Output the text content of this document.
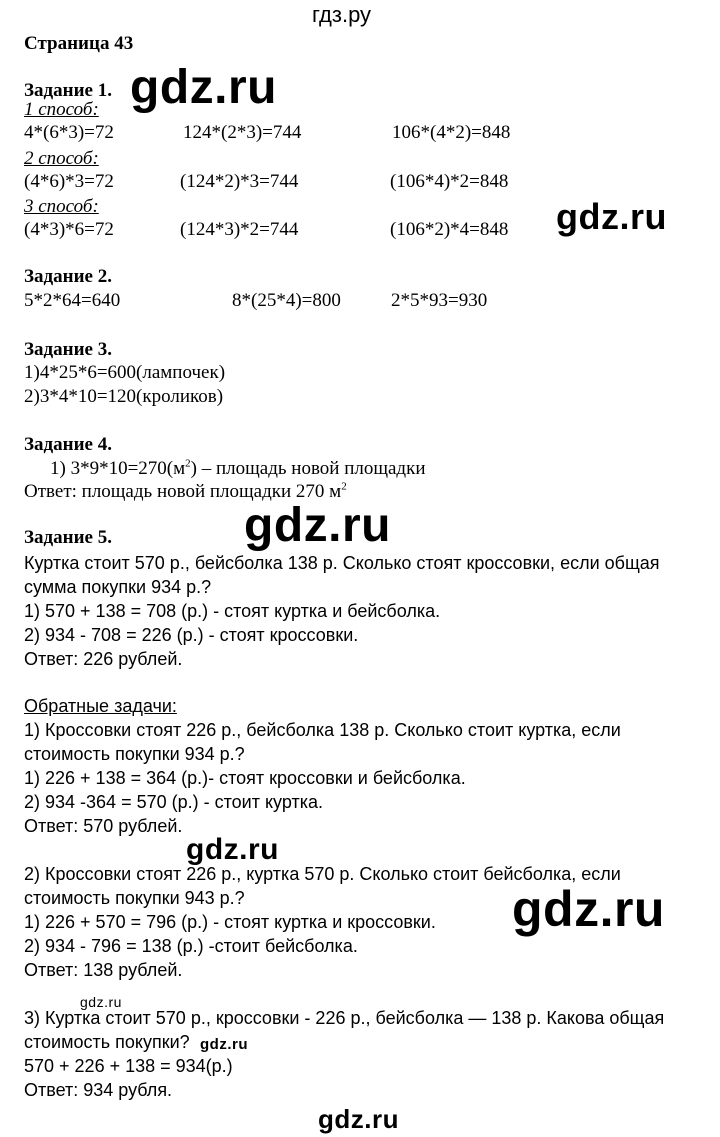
гдз.ру
Страница 43
Задание 1.
1 способ:
4*(6*3)=72	124*(2*3)=744	106*(4*2)=848
2 способ:
(4*6)*3=72	(124*2)*3=744	(106*4)*2=848
3 способ:
(4*3)*6=72	(124*3)*2=744	(106*2)*4=848
Задание 2.
5*2*64=640	8*(25*4)=800	2*5*93=930
Задание 3.
1)4*25*6=600(лампочек)
2)3*4*10=120(кроликов)
Задание 4.
1) $3*9*10=270(м^2)$ – площадь новой площадки
Ответ: площадь новой площадки 270 $м^2$
Задание 5.
Куртка стоит 570 р., бейсболка 138 р. Сколько стоят кроссовки, если общая
сумма покупки 934 р.?
1) 570 + 138 = 708 (р.) - стоят куртка и бейсболка.
2) 934 - 708 = 226 (р.) - стоят кроссовки.
Ответ: 226 рублей.
Обратные задачи:
1) Кроссовки стоят 226 р., бейсболка 138 р. Сколько стоит куртка, если
стоимость покупки 934 р.?
1) 226 + 138 = 364 (р.)- стоят кроссовки и бейсболка.
2) 934 -364 = 570 (р.) - стоит куртка.
Ответ: 570 рублей.
2) Кроссовки стоят 226 р., куртка 570 р. Сколько стоит бейсболка, если
стоимость покупки 943 р.?
1) 226 + 570 = 796 (р.) - стоят куртка и кроссовки.
2) 934 - 796 = 138 (р.) -стоит бейсболка.
Ответ: 138 рублей.
3) Куртка стоит 570 р., кроссовки - 226 р., бейсболка — 138 р. Какова общая
стоимость покупки?
570 + 226 + 138 = 934(р.)
Ответ: 934 рубля.
gdz.ru
gdz.ru
gdz.ru
gdz.ru
gdz.ru
gdz.ru
gdz.ru
gdz.ru
